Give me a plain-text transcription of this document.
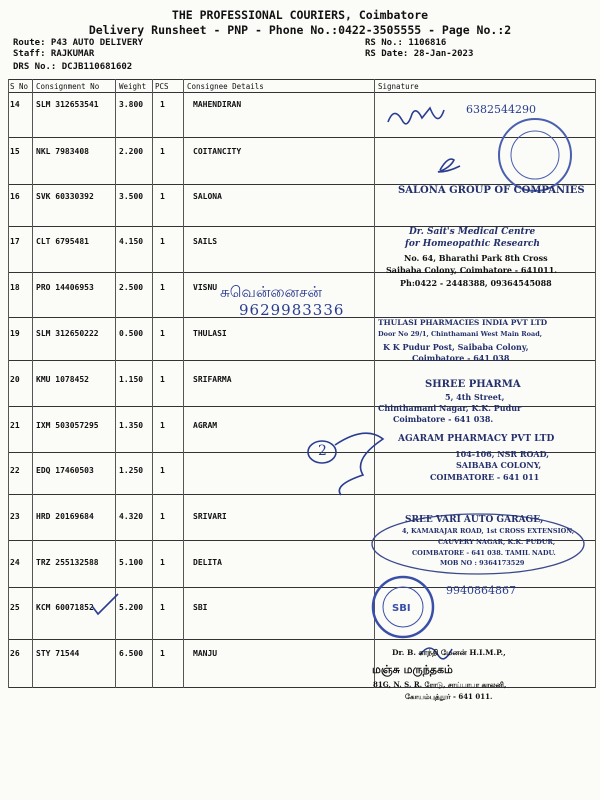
THE PROFESSIONAL COURIERS, Coimbatore
Delivery Runsheet - PNP - Phone No.:0422-3505555 - Page No.:2
Route: P43 AUTO DELIVERY
Staff: RAJKUMAR
DRS No.: DCJB110681602
RS No.: 1106816
RS Date: 28-Jan-2023
S No Consignment No	Weight PCS Consignee Details	Signature
14 SLM 312653541	3.800 1	MAHENDIRAN
15 NKL 7983408	2.200 1	COITANCITY
16 SVK 60330392	3.500 1	SALONA
17 CLT 6795481	4.150 1	SAILS
18 PRO 14406953	2.500 1	VISNU
19 SLM 312650222	0.500 1	THULASI
20 KMU 1078452	1.150 1	SRIFARMA
21 IXM 503057295	1.350 1	AGRAM
22 EDQ 17460503	1.250 1
23 HRD 20169684	4.320 1	SRIVARI
24 TRZ 255132588	5.100 1	DELITA
25 KCM 60071852	5.200 1	SBI
26 STY 71544	6.500 1	MANJU
SBI
6382544290
சுவென்னைசன்
9629983336
2
9940864867
SALONA GROUP OF COMPANIES
Dr. Sait's Medical Centre
for Homeopathic Research
No. 64, Bharathi Park 8th Cross
Saibaba Colony, Coimbatore - 641011.
Ph:0422 - 2448388, 09364545088
THULASI PHARMACIES INDIA PVT LTD
Door No 29/1, Chinthamani West Main Road,
K K Pudur Post, Saibaba Colony,
Coimbatore - 641 038
SHREE PHARMA
5, 4th Street,
Chinthamani Nagar, K.K. Pudur
Coimbatore - 641 038.
AGARAM PHARMACY PVT LTD
104-106, NSR ROAD,
SAIBABA COLONY,
COIMBATORE - 641 011
SREE VARI AUTO GARAGE,
4, KAMARAJAR ROAD, 1st CROSS EXTENSION,
CAUVERY NAGAR, K.K. PUDUR,
COIMBATORE - 641 038. TAMIL NADU.
MOB NO : 9364173529
Dr. B. காந்தி மேனன் H.I.M.P.,
மஞ்சு மருந்தகம்
81G, N. S. R. ரோடு, சாய்பாபா காலனி,
கோயம்புத்தூர் - 641 011.
